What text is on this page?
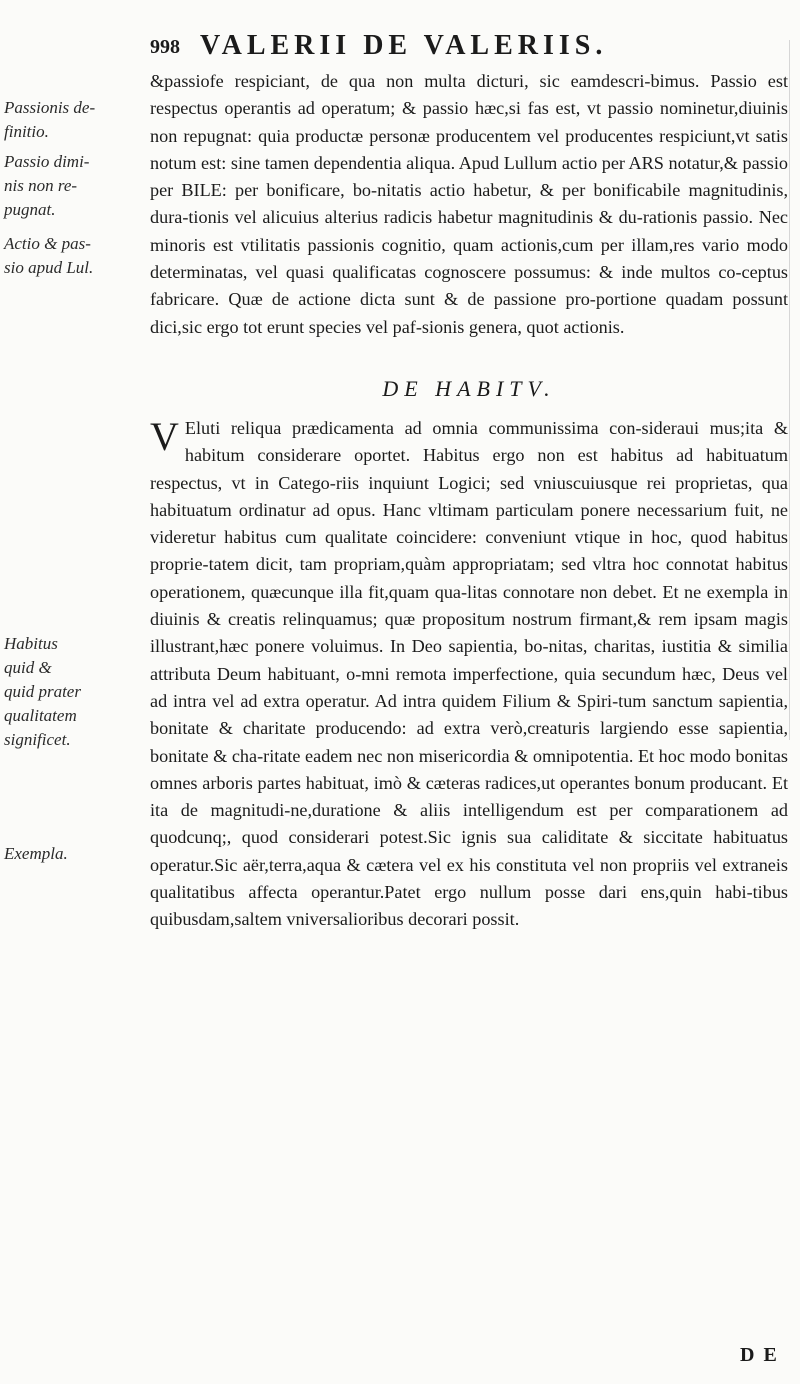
998 VALERII DE VALERIIS.
Passionis de-
finitio.
Passio dimi-
nis non re-
pugnat.
Actio & pas-
sio apud Lul.
Habitus
quid &
quid prater
qualitatem
significet.
Exempla.

&passiofe respiciant, de qua non multa dicturi, sic eamdescri-bimus. Passio est respectus operantis ad operatum; & passio hæc,si fas est, vt passio nominetur,diuinis non repugnat: quia productæ personæ producentem vel producentes respiciunt,vt satis notum est: sine tamen dependentia aliqua. Apud Lullum actio per ARS notatur,& passio per BILE: per bonificare, bo-nitatis actio habetur, & per bonificabile magnitudinis, dura-tionis vel alicuius alterius radicis habetur magnitudinis & du-rationis passio. Nec minoris est vtilitatis passionis cognitio, quam actionis,cum per illam,res vario modo determinatas, vel quasi qualificatas cognoscere possumus: & inde multos co-ceptus fabricare. Quæ de actione dicta sunt & de passione pro-portione quadam possunt dici,sic ergo tot erunt species vel paf-sionis genera, quot actionis.

DE HABITV.

V Eluti reliqua prædicamenta ad omnia communissima con-sideraui mus;ita & habitum considerare oportet. Habitus ergo non est habitus ad habituatum respectus, vt in Catego-riis inquiunt Logici; sed vniuscuiusque rei proprietas, qua habituatum ordinatur ad opus. Hanc vltimam particulam ponere necessarium fuit, ne videretur habitus cum qualitate coincidere: conveniunt vtique in hoc, quod habitus proprie-tatem dicit, tam propriam,quàm appropriatam; sed vltra hoc connotat habitus operationem, quæcunque illa fit,quam qua-litas connotare non debet. Et ne exempla in diuinis & creatis relinquamus; quæ propositum nostrum firmant,& rem ipsam magis illustrant,hæc ponere voluimus. In Deo sapientia, bo-nitas, charitas, iustitia & similia attributa Deum habituant, o-mni remota imperfectione, quia secundum hæc, Deus vel ad intra vel ad extra operatur. Ad intra quidem Filium & Spiri-tum sanctum sapientia, bonitate & charitate producendo: ad extra verò,creaturis largiendo esse sapientia, bonitate & cha-ritate eadem nec non misericordia & omnipotentia. Et hoc modo bonitas omnes arboris partes habituat, imò & cæteras radices,ut operantes bonum producant. Et ita de magnitudi-ne,duratione & aliis intelligendum est per comparationem ad quodcunq;, quod considerari potest.Sic ignis sua caliditate & siccitate habituatus operatur.Sic aër,terra,aqua & cætera vel ex his constituta vel non propriis vel extraneis qualitatibus affecta operantur.Patet ergo nullum posse dari ens,quin habi-tibus quibusdam,saltem vniversalioribus decorari possit.

D E
